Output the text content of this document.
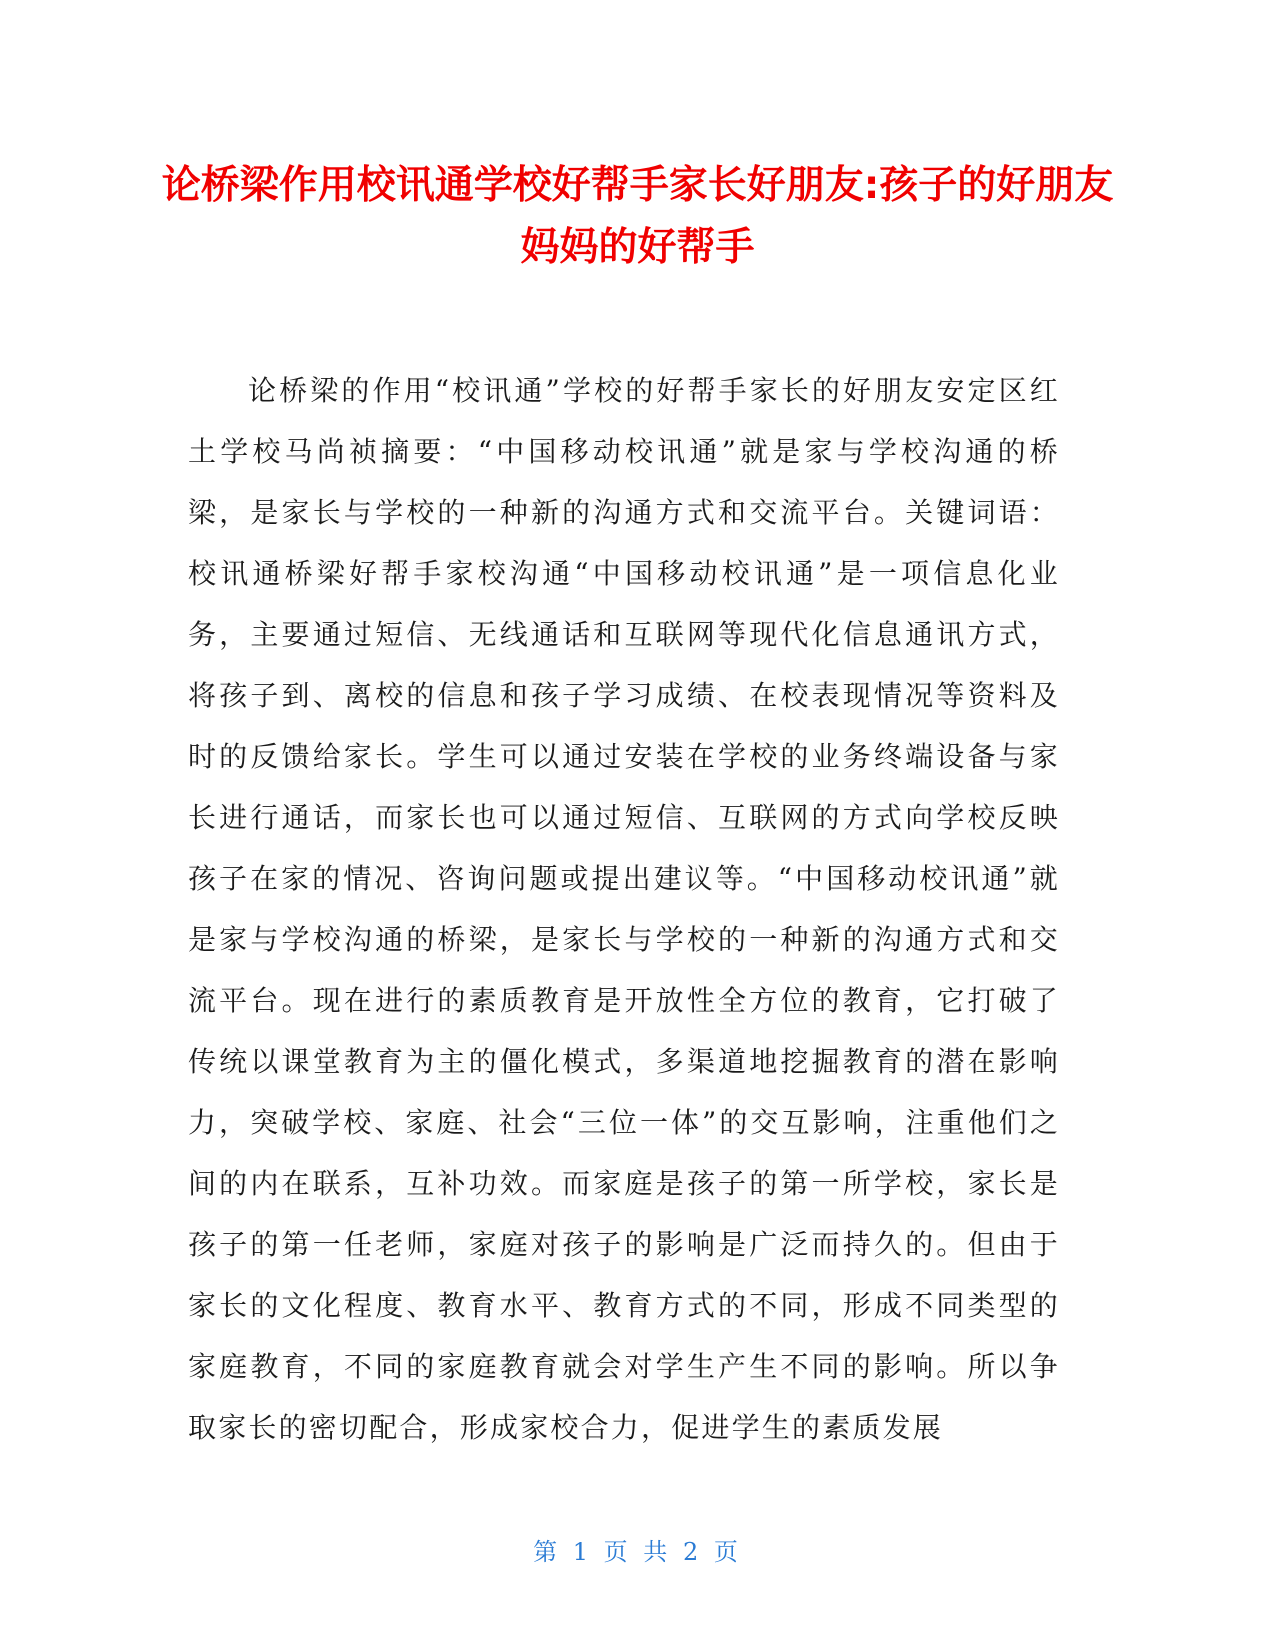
论桥梁作用校讯通学校好帮手家长好朋友:孩子的好朋友妈妈的好帮手

论桥梁的作用“校讯通”学校的好帮手家长的好朋友安定区红土学校马尚祯摘要：“中国移动校讯通”就是家与学校沟通的桥梁，是家长与学校的一种新的沟通方式和交流平台。关键词语：校讯通桥梁好帮手家校沟通“中国移动校讯通”是一项信息化业务，主要通过短信、无线通话和互联网等现代化信息通讯方式，将孩子到、离校的信息和孩子学习成绩、在校表现情况等资料及时的反馈给家长。学生可以通过安装在学校的业务终端设备与家长进行通话，而家长也可以通过短信、互联网的方式向学校反映孩子在家的情况、咨询问题或提出建议等。“中国移动校讯通”就是家与学校沟通的桥梁，是家长与学校的一种新的沟通方式和交流平台。现在进行的素质教育是开放性全方位的教育，它打破了传统以课堂教育为主的僵化模式，多渠道地挖掘教育的潜在影响力，突破学校、家庭、社会“三位一体”的交互影响，注重他们之间的内在联系，互补功效。而家庭是孩子的第一所学校，家长是孩子的第一任老师，家庭对孩子的影响是广泛而持久的。但由于家长的文化程度、教育水平、教育方式的不同，形成不同类型的家庭教育，不同的家庭教育就会对学生产生不同的影响。所以争取家长的密切配合，形成家校合力，促进学生的素质发展

第 1 页 共 2 页
